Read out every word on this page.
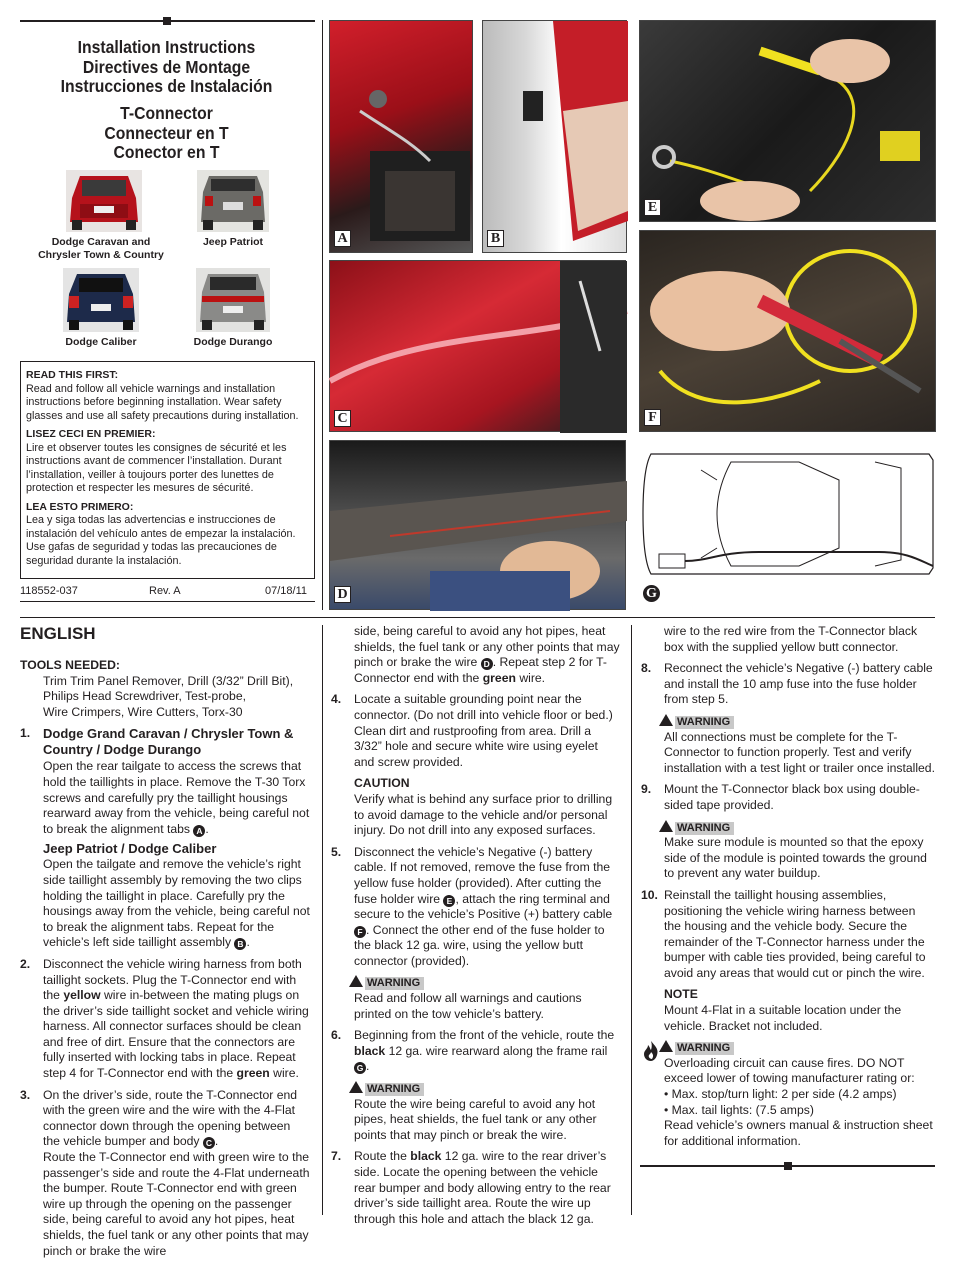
Installation Instructions
Directives de Montage
Instrucciones de Instalación
T-Connector
Connecteur en T
Conector en T
Dodge Caravan and Chrysler Town & Country
Jeep Patriot
Dodge Caliber	Dodge Durango

READ THIS FIRST:
Read and follow all vehicle warnings and installation instructions before beginning installation. Wear safety glasses and use all safety precautions during installation.

LISEZ CECI EN PREMIER:
Lire et observer toutes les consignes de sécurité et les instructions avant de commencer l’installation. Durant l’installation, veiller à toujours porter des lunettes de protection et respecter les mesures de sécurité.

LEA ESTO PRIMERO:
Lea y siga todas las advertencias e instrucciones de instalación del vehículo antes de empezar la instalación. Use gafas de seguridad y todas las precauciones de seguridad durante la instalación.

118552-037	Rev. A	07/18/11
A	B
E
C	F
D	G
ENGLISH
TOOLS NEEDED:
Trim Trim Panel Remover, Drill (3/32” Drill Bit),
Philips Head Screwdriver, Test-probe,
Wire Crimpers, Wire Cutters, Torx-30
1. Dodge Grand Caravan / Chrysler Town & Country / Dodge Durango
Open the rear tailgate to access the screws that hold the taillights in place. Remove the T-30 Torx screws and carefully pry the taillight housings rearward away from the vehicle, being careful not to break the alignment tabs A .
Jeep Patriot / Dodge Caliber
Open the tailgate and remove the vehicle’s right side taillight assembly by removing the two clips holding the taillight in place. Carefully pry the housings away from the vehicle, being careful not to break the alignment tabs. Repeat for the vehicle’s left side taillight assembly B .
2. Disconnect the vehicle wiring harness from both taillight sockets. Plug the T-Connector end with the yellow wire in-between the mating plugs on the driver’s side taillight socket and vehicle wiring harness. All connector surfaces should be clean and free of dirt. Ensure that the connectors are fully inserted with locking tabs in place. Repeat step 4 for T-Connector end with the green wire.
3. On the driver’s side, route the T-Connector end with the green wire and the wire with the 4-Flat connector down through the opening between the vehicle bumper and body C .
Route the T-Connector end with green wire to the passenger’s side and route the 4-Flat underneath the bumper. Route T-Connector end with green wire up through the opening on the passenger side, being careful to avoid any hot pipes, heat shields, the fuel tank or any other points that may pinch or brake the wire
side, being careful to avoid any hot pipes, heat shields, the fuel tank or any other points that may pinch or brake the wire D . Repeat step 2 for T-Connector end with the green wire.
4. Locate a suitable grounding point near the connector. (Do not drill into vehicle floor or bed.) Clean dirt and rustproofing from area. Drill a 3/32” hole and secure white wire using eyelet and screw provided.
CAUTION
Verify what is behind any surface prior to drilling to avoid damage to the vehicle and/or personal injury. Do not drill into any exposed surfaces.
5. Disconnect the vehicle’s Negative (-) battery cable. If not removed, remove the fuse from the yellow fuse holder (provided). After cutting the fuse holder wire E , attach the ring terminal and secure to the vehicle’s Positive (+) battery cable F . Connect the other end of the fuse holder to the black 12 ga. wire, using the yellow butt connector (provided).
WARNING
Read and follow all warnings and cautions printed on the tow vehicle’s battery.
6. Beginning from the front of the vehicle, route the black 12 ga. wire rearward along the frame rail G .
WARNING
Route the wire being careful to avoid any hot pipes, heat shields, the fuel tank or any other points that may pinch or break the wire.
7. Route the black 12 ga. wire to the rear driver’s side. Locate the opening between the vehicle rear bumper and body allowing entry to the rear driver’s side taillight area. Route the wire up through this hole and attach the black 12 ga.
wire to the red wire from the T-Connector black box with the supplied yellow butt connector.
8. Reconnect the vehicle’s Negative (-) battery cable and install the 10 amp fuse into the fuse holder from step 5.
WARNING
All connections must be complete for the T-Connector to function properly. Test and verify installation with a test light or trailer once installed.
9. Mount the T-Connector black box using double-sided tape provided.
WARNING
Make sure module is mounted so that the epoxy side of the module is pointed towards the ground to prevent any water buildup.
10. Reinstall the taillight housing assemblies, positioning the vehicle wiring harness between the housing and the vehicle body. Secure the remainder of the T-Connector harness under the bumper with cable ties provided, being careful to avoid any areas that would cut or pinch the wire.
NOTE
Mount 4-Flat in a suitable location under the vehicle. Bracket not included.
WARNING
Overloading circuit can cause fires. DO NOT exceed lower of towing manufacturer rating or:
• Max. stop/turn light: 2 per side (4.2 amps)
• Max. tail lights: (7.5 amps)
Read vehicle’s owners manual & instruction sheet for additional information.
